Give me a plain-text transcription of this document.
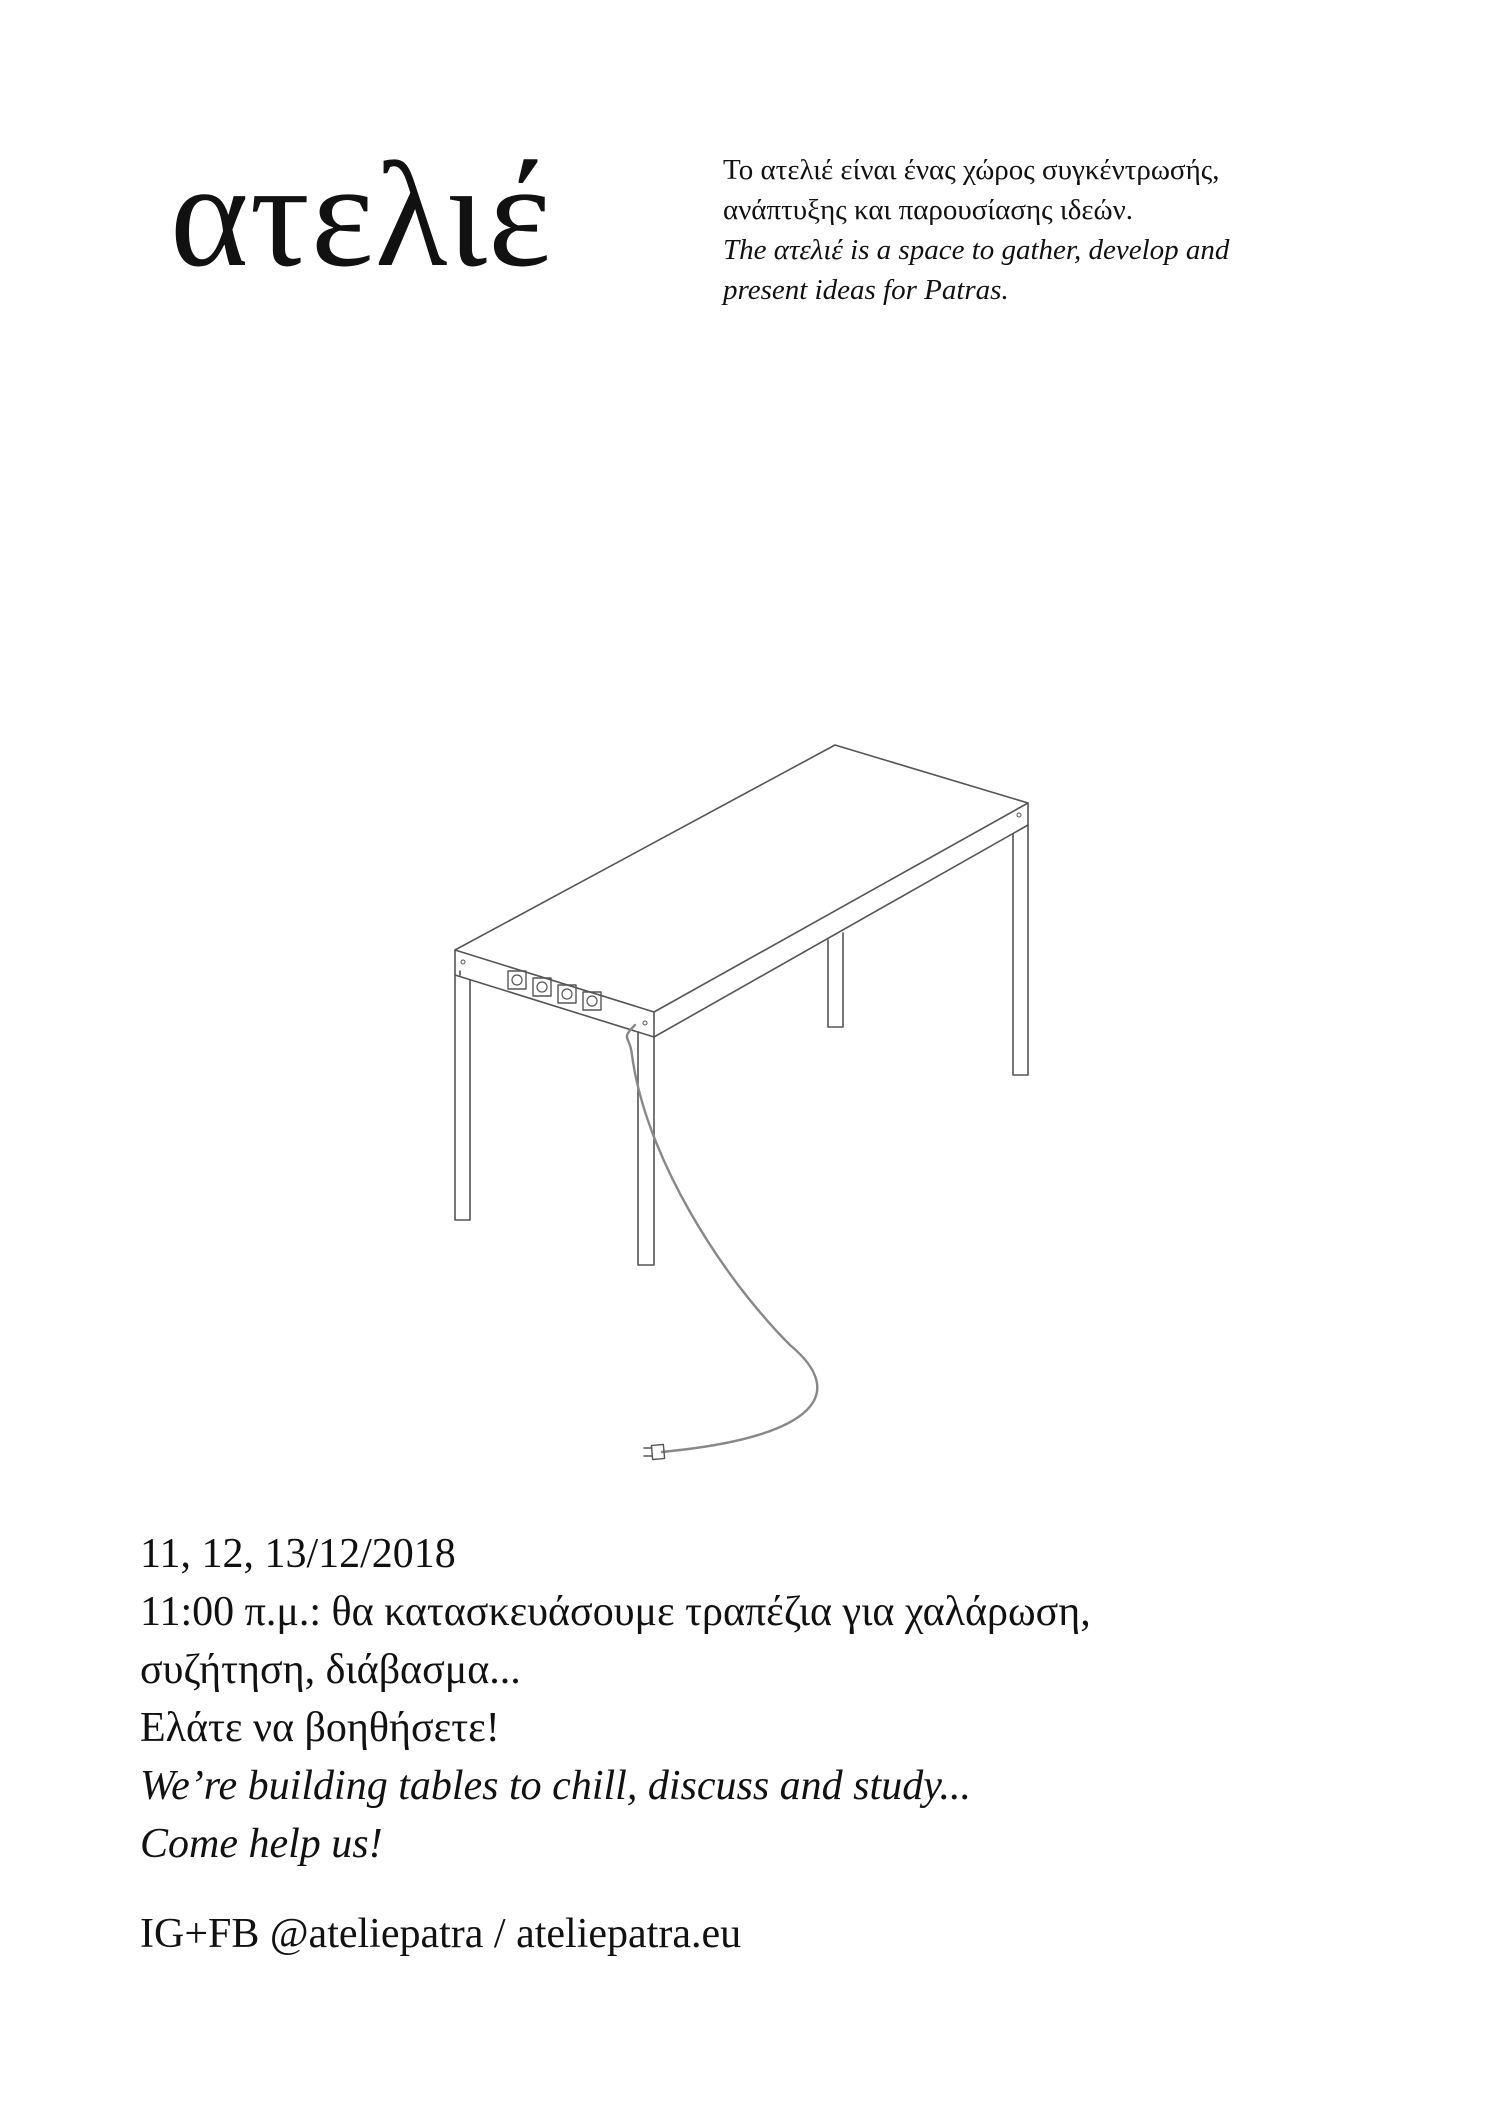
ατελιέ	Το ατελιέ είναι ένας χώρος συγκέντρωσής,
ανάπτυξης και παρουσίασης ιδεών.
The ατελιέ is a space to gather, develop and
present ideas for Patras.
11, 12, 13/12/2018
11:00 π.μ.: θα κατασκευάσουμε τραπέζια για χαλάρωση,
συζήτηση, διάβασμα...
Ελάτε να βοηθήσετε!
We’re building tables to chill, discuss and study...
Come help us!
IG+FB @ateliepatra / ateliepatra.eu
